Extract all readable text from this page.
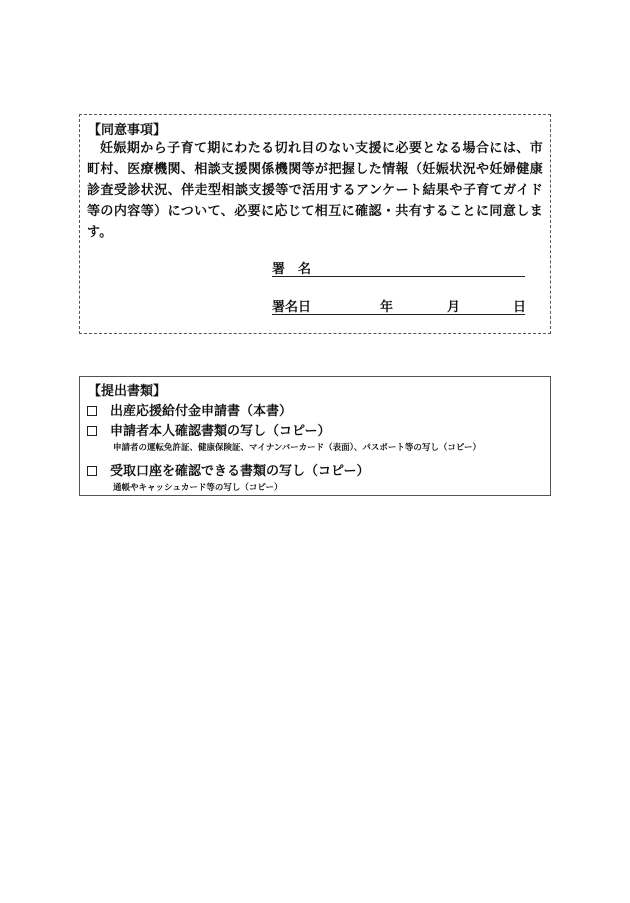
【同意事項】
妊娠期から子育て期にわたる切れ目のない支援に必要となる場合には、市町村、医療機関、相談支援関係機関等が把握した情報（妊娠状況や妊婦健康診査受診状況、伴走型相談支援等で活用するアンケート結果や子育てガイド等の内容等）について、必要に応じて相互に確認・共有することに同意します。
署　名
署名日	年	月	日
【提出書類】
出産応援給付金申請書（本書）
申請者本人確認書類の写し（コピー）
申請者の運転免許証、健康保険証、マイナンバーカード（表面）、パスポート等の写し（コピー）
受取口座を確認できる書類の写し（コピー）
通帳やキャッシュカード等の写し（コピー）
